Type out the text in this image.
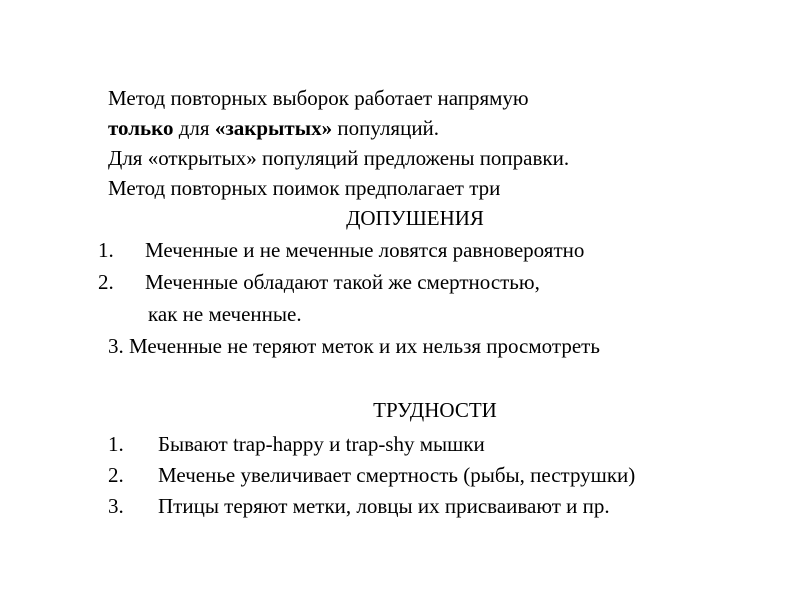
Метод повторных выборок работает напрямую
только для «закрытых» популяций.
Для «открытых» популяций предложены поправки.
Метод повторных поимок предполагает три
ДОПУШЕНИЯ
1. Меченные и не меченные ловятся равновероятно
2. Меченные обладают такой же смертностью,
как не меченные.
3. Меченные не теряют меток и их нельзя просмотреть
ТРУДНОСТИ
1. Бывают trap-happy и trap-shy мышки
2. Меченье увеличивает смертность (рыбы, пеструшки)
3. Птицы теряют метки, ловцы их присваивают и пр.
